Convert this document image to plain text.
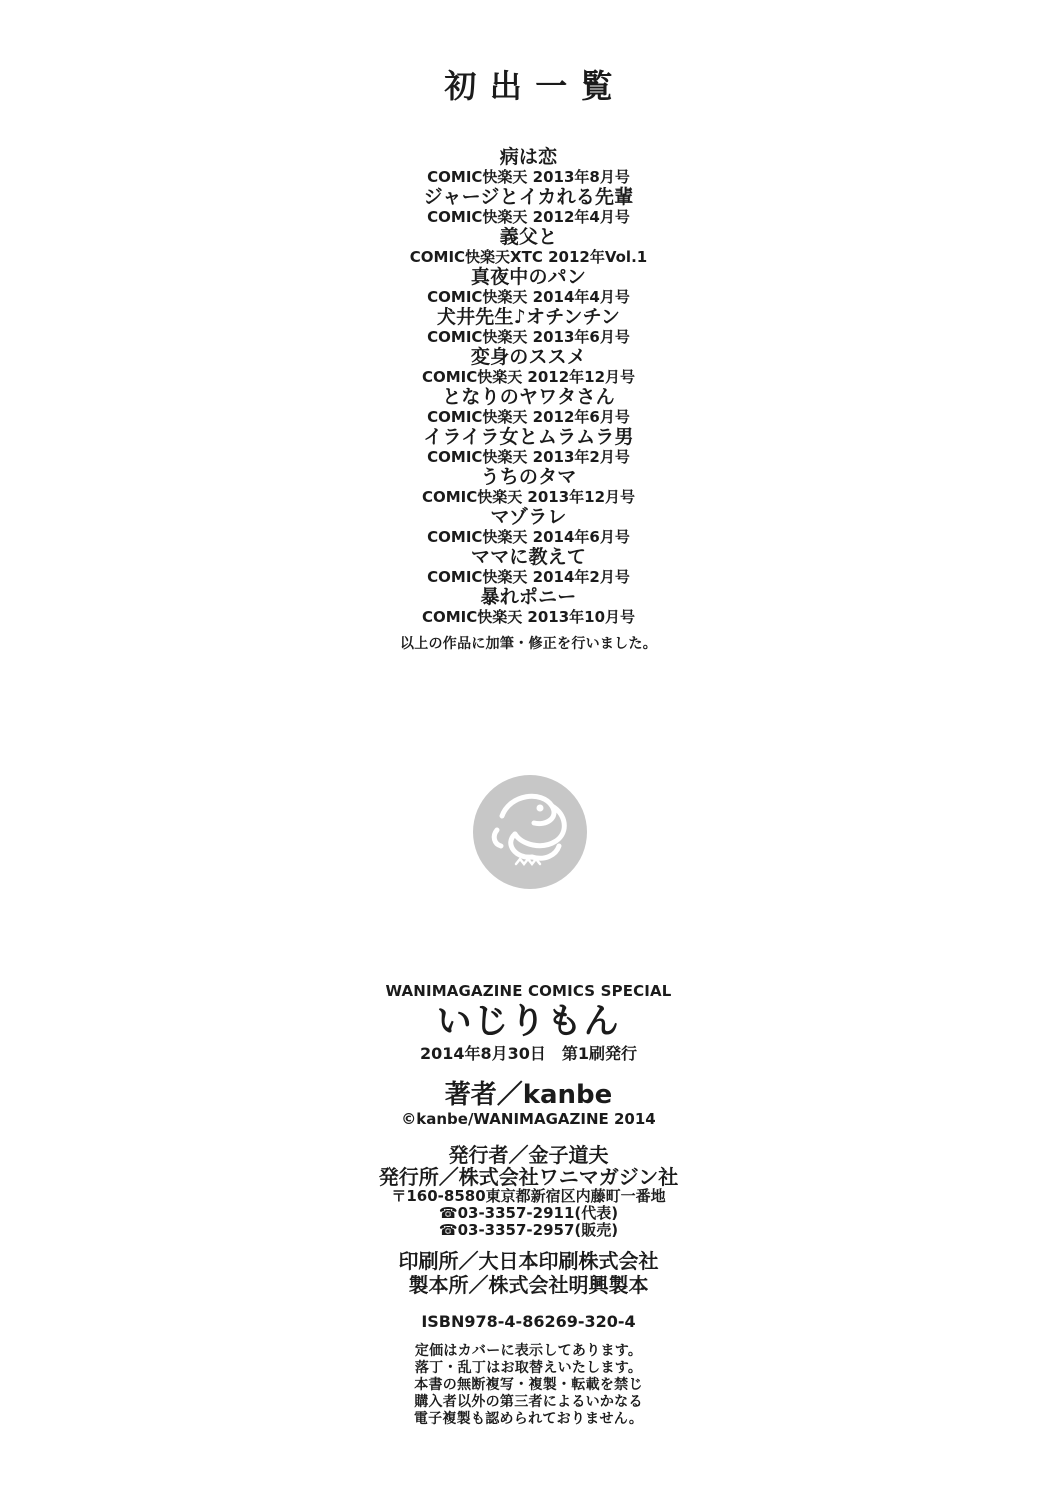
初出一覧
病は恋
COMIC快楽天 2013年8月号
ジャージとイカれる先輩
COMIC快楽天 2012年4月号
義父と
COMIC快楽天XTC 2012年Vol.1
真夜中のパン
COMIC快楽天 2014年4月号
犬井先生♪オチンチン
COMIC快楽天 2013年6月号
変身のススメ
COMIC快楽天 2012年12月号
となりのヤワタさん
COMIC快楽天 2012年6月号
イライラ女とムラムラ男
COMIC快楽天 2013年2月号
うちのタマ
COMIC快楽天 2013年12月号
マゾラレ
COMIC快楽天 2014年6月号
ママに教えて
COMIC快楽天 2014年2月号
暴れポニー
COMIC快楽天 2013年10月号
以上の作品に加筆・修正を行いました。
WANIMAGAZINE COMICS SPECIAL
いじりもん
2014年8月30日　第1刷発行
著者／kanbe
©kanbe/WANIMAGAZINE 2014
発行者／金子道夫
発行所／株式会社ワニマガジン社
〒160-8580東京都新宿区内藤町一番地
☎03-3357-2911(代表)
☎03-3357-2957(販売)
印刷所／大日本印刷株式会社
製本所／株式会社明興製本
ISBN978-4-86269-320-4
定価はカバーに表示してあります。
落丁・乱丁はお取替えいたします。
本書の無断複写・複製・転載を禁じ
購入者以外の第三者によるいかなる
電子複製も認められておりません。
